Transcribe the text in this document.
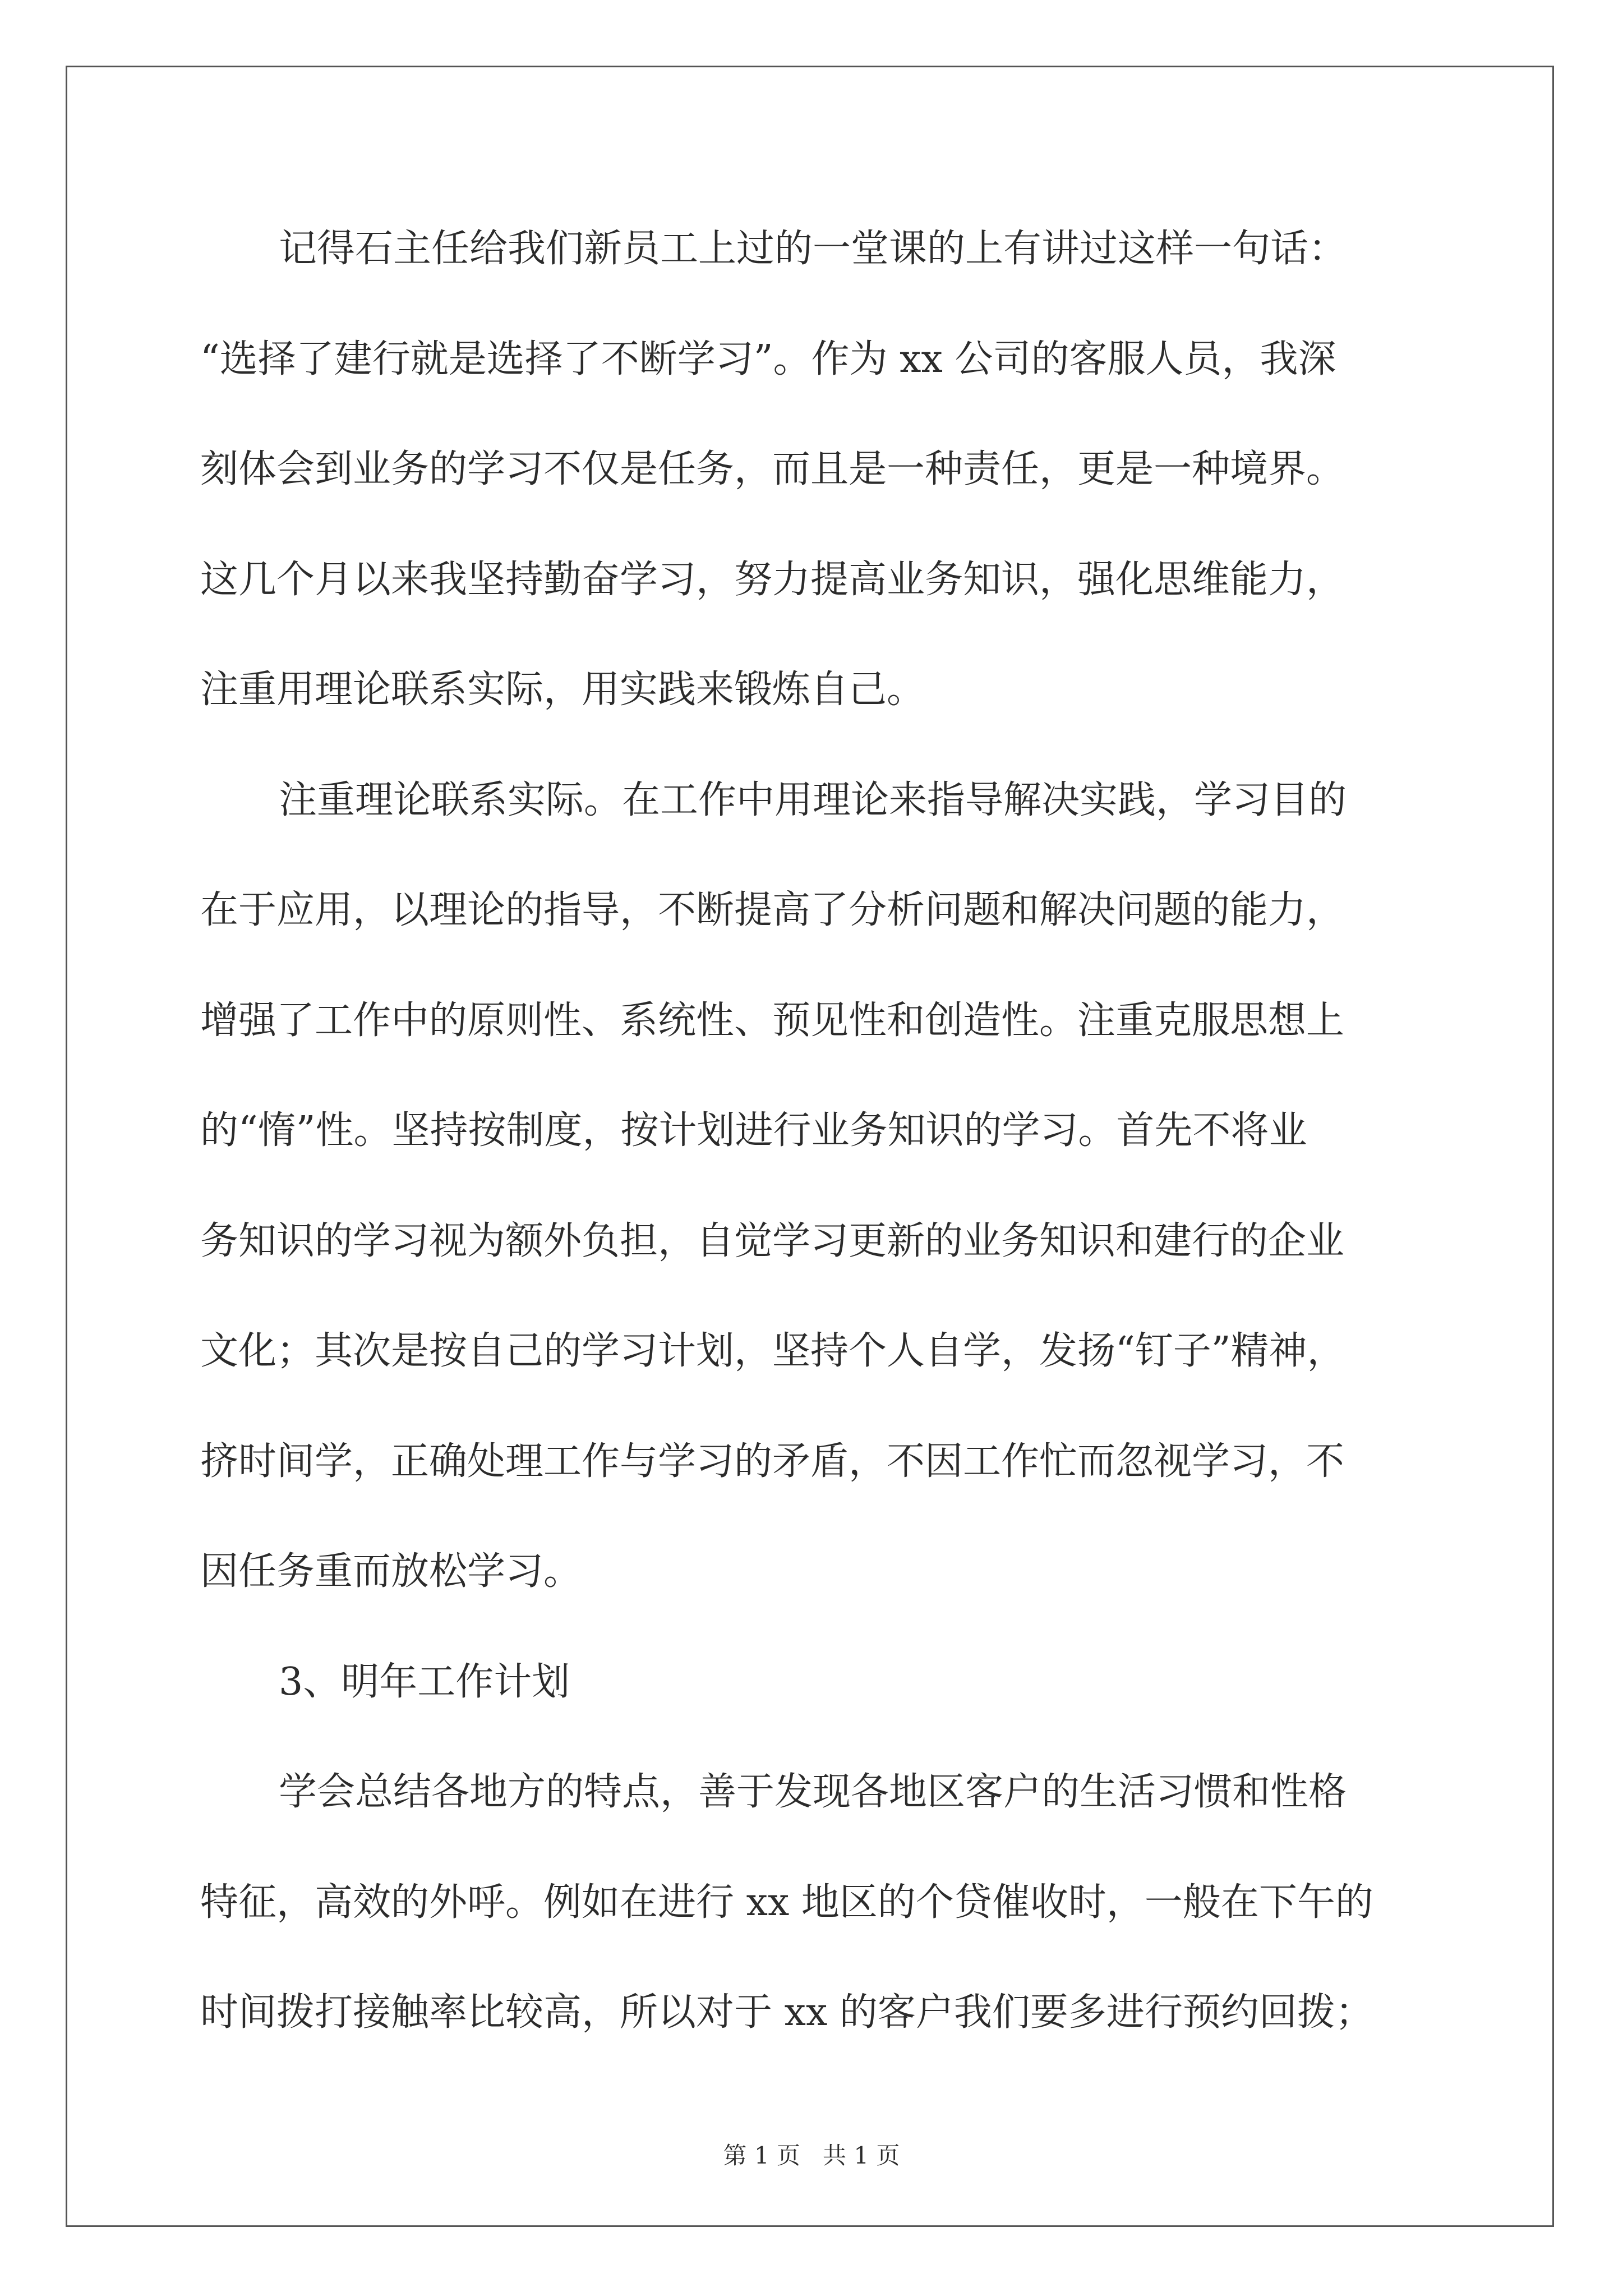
记得石主任给我们新员工上过的一堂课的上有讲过这样一句话：

“选择了建行就是选择了不断学习”。作为 xx 公司的客服人员，我深

刻体会到业务的学习不仅是任务，而且是一种责任，更是一种境界。

这几个月以来我坚持勤奋学习，努力提高业务知识，强化思维能力，

注重用理论联系实际，用实践来锻炼自己。

注重理论联系实际。在工作中用理论来指导解决实践，学习目的

在于应用，以理论的指导，不断提高了分析问题和解决问题的能力，

增强了工作中的原则性、系统性、预见性和创造性。注重克服思想上

的“惰”性。坚持按制度，按计划进行业务知识的学习。首先不将业

务知识的学习视为额外负担，自觉学习更新的业务知识和建行的企业

文化；其次是按自己的学习计划，坚持个人自学，发扬“钉子”精神，

挤时间学，正确处理工作与学习的矛盾，不因工作忙而忽视学习，不

因任务重而放松学习。

3、明年工作计划

学会总结各地方的特点，善于发现各地区客户的生活习惯和性格

特征，高效的外呼。例如在进行 xx 地区的个贷催收时，一般在下午的

时间拨打接触率比较高，所以对于 xx 的客户我们要多进行预约回拨；

第 1 页   共 1 页
